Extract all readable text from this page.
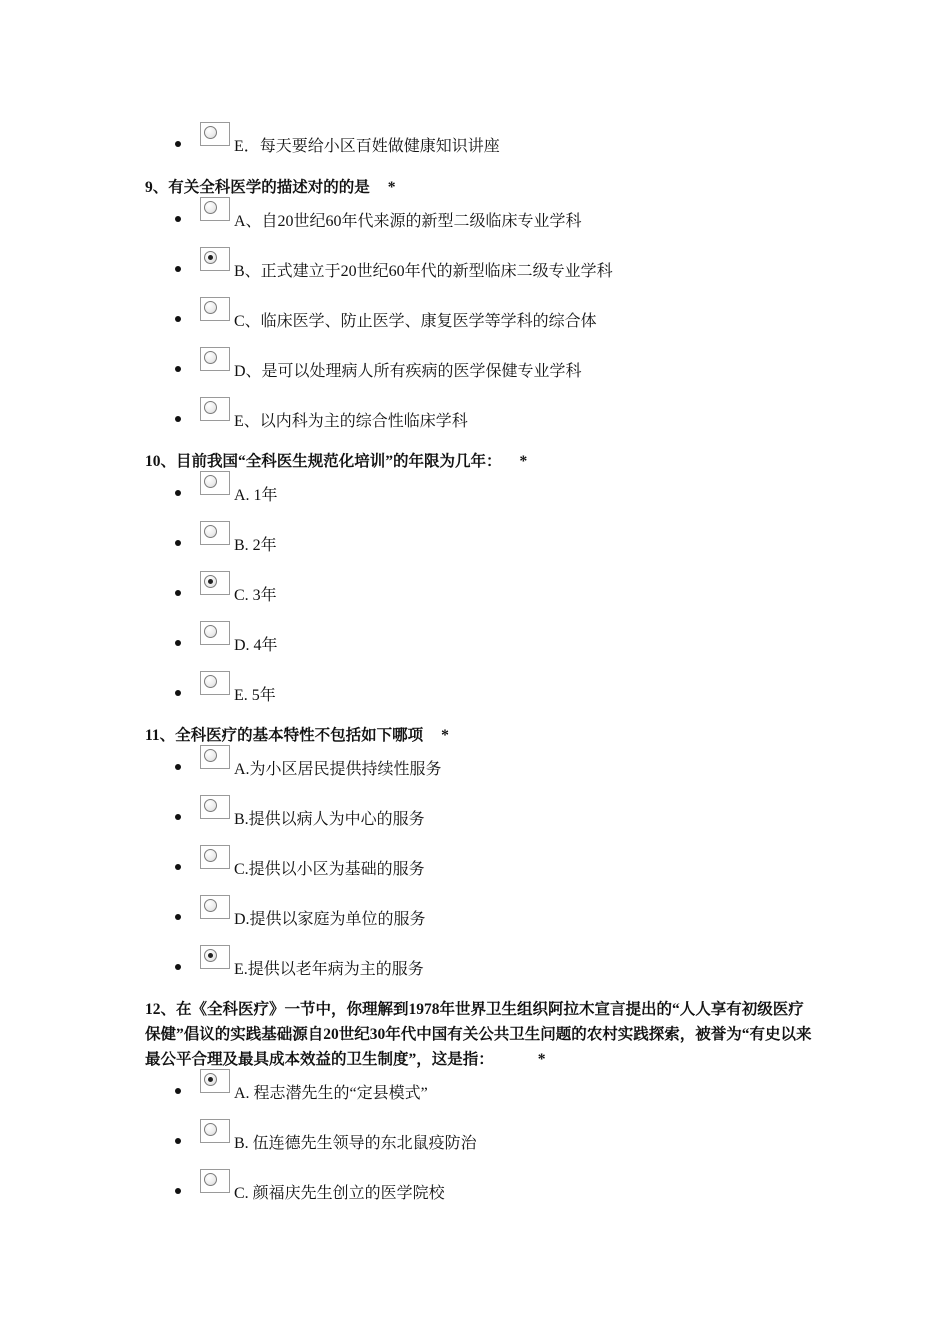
E．每天要给小区百姓做健康知识讲座

9、有关全科医学的描述对的的是 *

A、自20世纪60年代来源的新型二级临床专业学科
B、正式建立于20世纪60年代的新型临床二级专业学科
C、临床医学、防止医学、康复医学等学科的综合体
D、是可以处理病人所有疾病的医学保健专业学科
E、以内科为主的综合性临床学科

10、目前我国“全科医生规范化培训”的年限为几年： *

A. 1年
B. 2年
C. 3年
D. 4年
E. 5年

11、全科医疗的基本特性不包括如下哪项 *

A.为小区居民提供持续性服务
B.提供以病人为中心的服务
C.提供以小区为基础的服务
D.提供以家庭为单位的服务
E.提供以老年病为主的服务

12、在《全科医疗》一节中，你理解到1978年世界卫生组织阿拉木宣言提出的“人人享有初级医疗保健”倡议的实践基础源自20世纪30年代中国有关公共卫生问题的农村实践探索，被誉为“有史以来最公平合理及最具成本效益的卫生制度”，这是指：	*

A. 程志潜先生的“定县模式”
B. 伍连德先生领导的东北鼠疫防治
C. 颜福庆先生创立的医学院校
